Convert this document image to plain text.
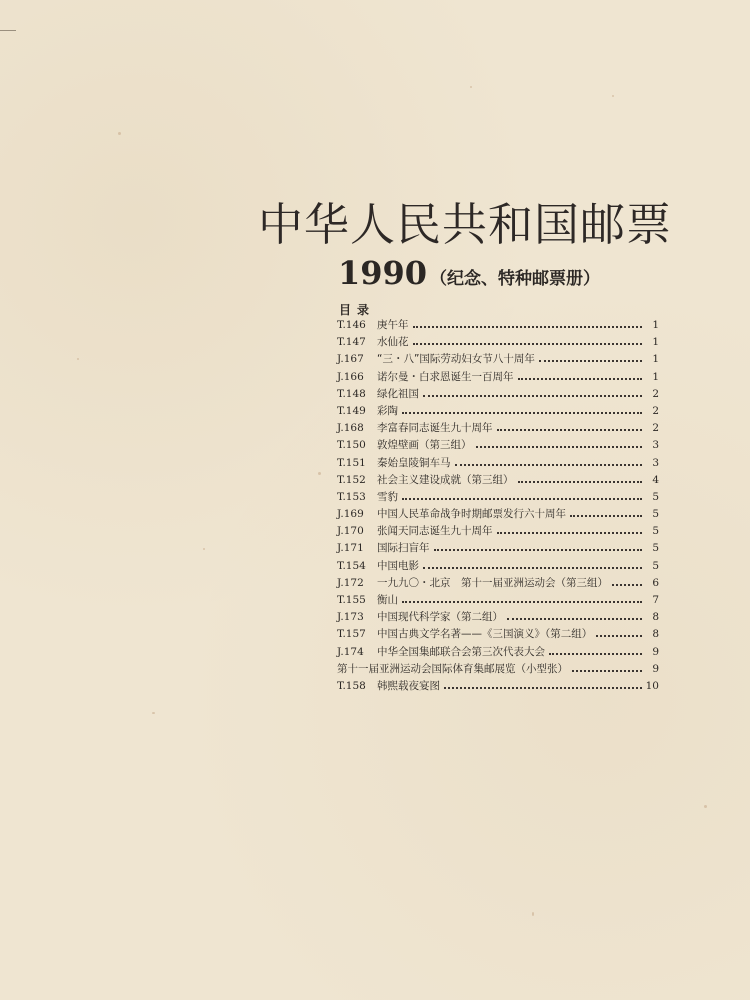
中华人民共和国邮票
1990 （纪念、特种邮票册）
目录
T.146	庚午年	1
T.147	水仙花	1
J.167	“三・八”国际劳动妇女节八十周年	1
J.166	诺尔曼・白求恩诞生一百周年	1
T.148	绿化祖国	2
T.149	彩陶	2
J.168	李富春同志诞生九十周年	2
T.150	敦煌壁画（第三组）	3
T.151	秦始皇陵铜车马	3
T.152	社会主义建设成就（第三组）	4
T.153	雪豹	5
J.169	中国人民革命战争时期邮票发行六十周年	5
J.170	张闻天同志诞生九十周年	5
J.171	国际扫盲年	5
T.154	中国电影	5
J.172	一九九〇・北京　第十一届亚洲运动会（第三组）	6
T.155	衡山	7
J.173	中国现代科学家（第二组）	8
T.157	中国古典文学名著——《三国演义》（第二组）	8
J.174	中华全国集邮联合会第三次代表大会	9
第十一届亚洲运动会国际体育集邮展览（小型张）	9
T.158	韩熙载夜宴图	10
